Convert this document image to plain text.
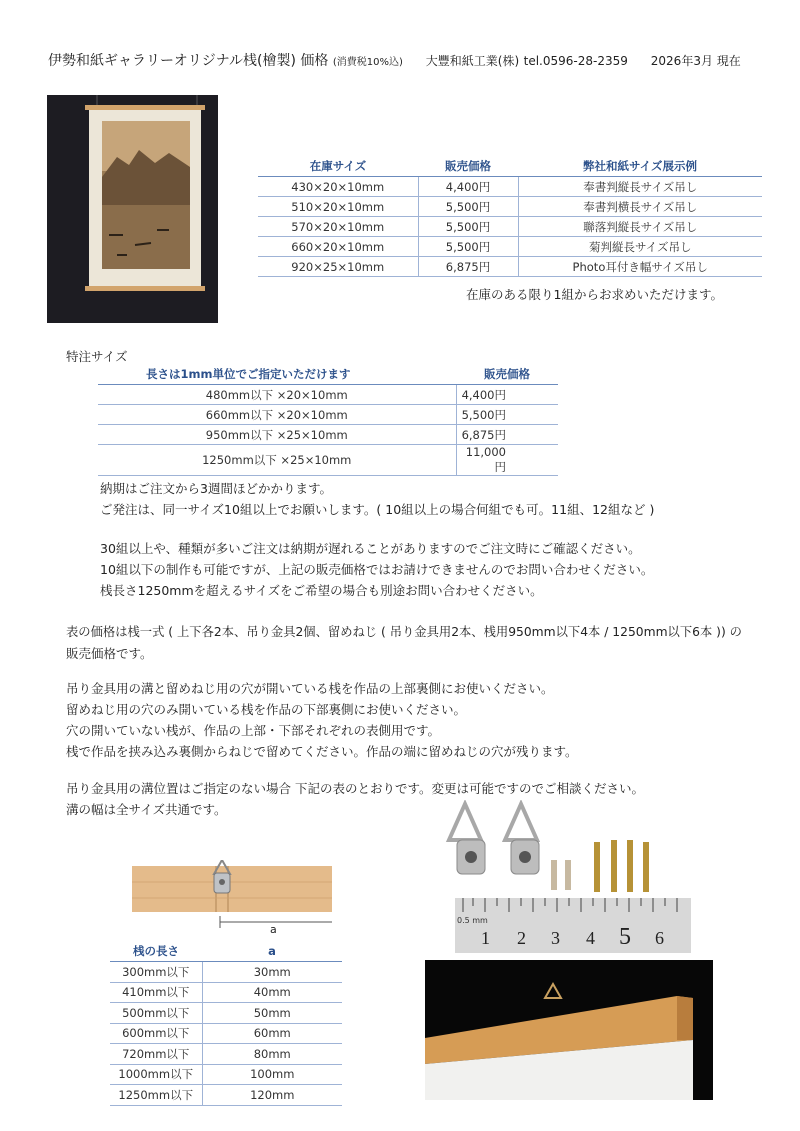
伊勢和紙ギャラリーオリジナル桟(檜製) 価格 (消費税10%込) 大豐和紙工業(株) tel.0596-28-2359 2026年3月 現在
在庫サイズ	販売価格	弊社和紙サイズ展示例
430×20×10mm	4,400円	奉書判縦長サイズ吊し
510×20×10mm	5,500円	奉書判横長サイズ吊し
570×20×10mm	5,500円	聯落判縦長サイズ吊し
660×20×10mm	5,500円	菊判縦長サイズ吊し
920×25×10mm	6,875円	Photo耳付き幅サイズ吊し
在庫のある限り1組からお求めいただけます。
特注サイズ
長さは1mm単位でご指定いただけます	販売価格
480mm以下 ×20×10mm	4,400円
660mm以下 ×20×10mm	5,500円
950mm以下 ×25×10mm	6,875円
1250mm以下 ×25×10mm	11,000円
納期はご注文から3週間ほどかかります。
ご発注は、同一サイズ10組以上でお願いします。( 10組以上の場合何組でも可。11組、12組など )
30組以上や、種類が多いご注文は納期が遅れることがありますのでご注文時にご確認ください。
10組以下の制作も可能ですが、上記の販売価格ではお請けできませんのでお問い合わせください。
桟長さ1250mmを超えるサイズをご希望の場合も別途お問い合わせください。
表の価格は桟一式 ( 上下各2本、吊り金具2個、留めねじ ( 吊り金具用2本、桟用950mm以下4本 / 1250mm以下6本 )) の
販売価格です。
吊り金具用の溝と留めねじ用の穴が開いている桟を作品の上部裏側にお使いください。
留めねじ用の穴のみ開いている桟を作品の下部裏側にお使いください。
穴の開いていない桟が、作品の上部・下部それぞれの表側用です。
桟で作品を挟み込み裏側からねじで留めてください。作品の端に留めねじの穴が残ります。
吊り金具用の溝位置はご指定のない場合 下記の表のとおりです。変更は可能ですのでご相談ください。
溝の幅は全サイズ共通です。
a
桟の長さ	a
300mm以下	30mm
410mm以下	40mm
500mm以下	50mm
600mm以下	60mm
720mm以下	80mm
1000mm以下	100mm
1250mm以下	120mm
0.5 mm
1 2 3 4 5 6
